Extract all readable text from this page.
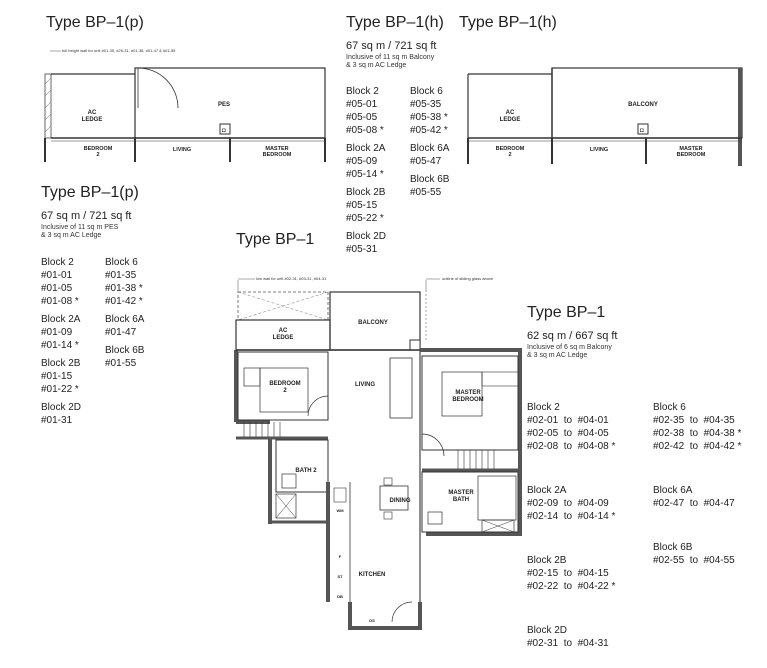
Type BP–1(p)
full height wall for unit #01-35, #25-31, #01-38, #01-47 & #01-55
◘
AC LEDGE
PES
BEDROOM 2
LIVING	MASTER BEDROOM
Type BP–1(h)
◘
AC LEDGE
BALCONY
BEDROOM 2
LIVING	MASTER BEDROOM
Type BP–1(h)
67 sq m / 721 sq ft
Inclusive of 11 sq m Balcony
& 3 sq m AC Ledge
Block 2
#05-01
#05-05
#05-08 *
Block 2A
#05-09
#05-14 *
Block 2B
#05-15
#05-22 *
Block 2D
#05-31
Block 6
#05-35
#05-38 *
#05-42 *
Block 6A
#05-47
Block 6B
#05-55
Type BP–1(p)
67 sq m / 721 sq ft
Inclusive of 11 sq m PES
& 3 sq m AC Ledge
Block 2
#01-01
#01-05
#01-08 *
Block 2A
#01-09
#01-14 *
Block 2B
#01-15
#01-22 *
Block 2D
#01-31
Block 6
#01-35
#01-38 *
#01-42 *
Block 6A
#01-47
Block 6B
#01-55
Type BP–1
low wall for unit #02-31, #03-31, #04-31	outline of sliding glass above
AC LEDGE
BALCONY
BEDROOM 2
LIVING
MASTER BEDROOM
MASTER BATH
BATH 2
DINING
WM
F
ST
DB
KITCHEN
DS
Type BP–1
62 sq m / 667 sq ft
Inclusive of 6 sq m Balcony
& 3 sq m AC Ledge

Block 2
#02-01  to  #04-01
#02-05  to  #04-05
#02-08  to  #04-08 *

Block 2A
#02-09  to  #04-09
#02-14  to  #04-14 *

Block 2B
#02-15  to  #04-15
#02-22  to  #04-22 *

Block 2D
#02-31  to  #04-31

Block 6
#02-35  to  #04-35
#02-38  to  #04-38 *
#02-42  to  #04-42 *

Block 6A
#02-47  to  #04-47

Block 6B
#02-55  to  #04-55
